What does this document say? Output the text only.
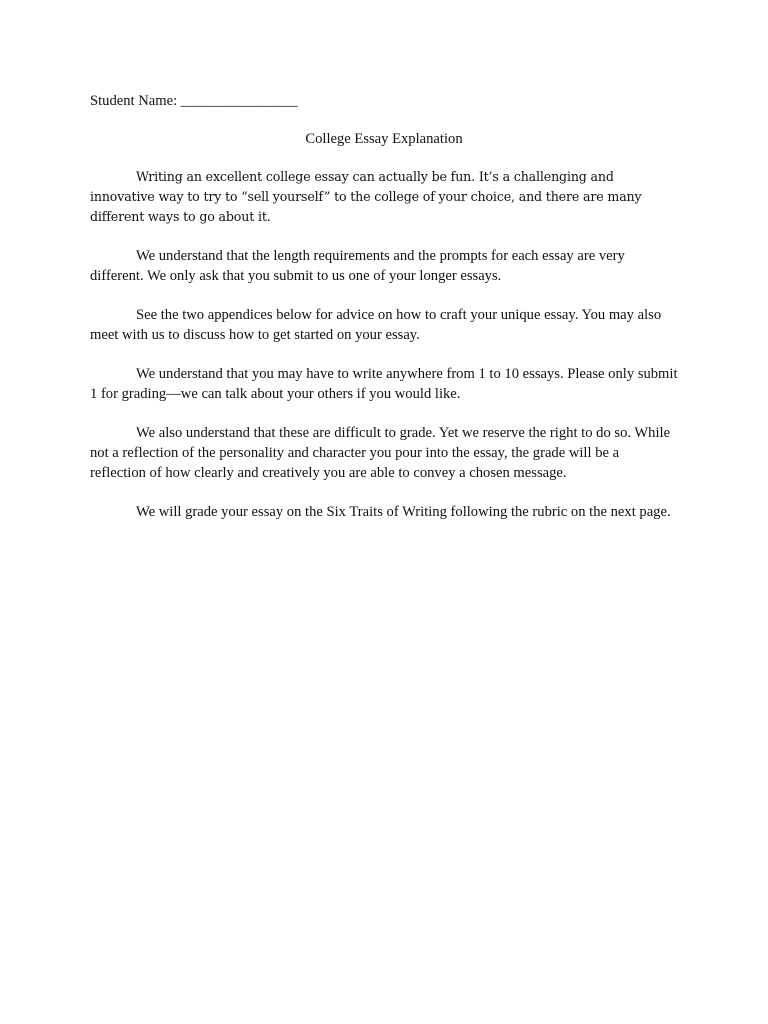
Student Name: ________________
College Essay Explanation

Writing an excellent college essay can actually be fun. It’s a challenging and innovative way to try to “sell yourself” to the college of your choice, and there are many different ways to go about it.

We understand that the length requirements and the prompts for each essay are very different. We only ask that you submit to us one of your longer essays.

See the two appendices below for advice on how to craft your unique essay. You may also meet with us to discuss how to get started on your essay.

We understand that you may have to write anywhere from 1 to 10 essays. Please only submit 1 for grading—we can talk about your others if you would like.

We also understand that these are difficult to grade. Yet we reserve the right to do so. While not a reflection of the personality and character you pour into the essay, the grade will be a reflection of how clearly and creatively you are able to convey a chosen message.

We will grade your essay on the Six Traits of Writing following the rubric on the next page.
